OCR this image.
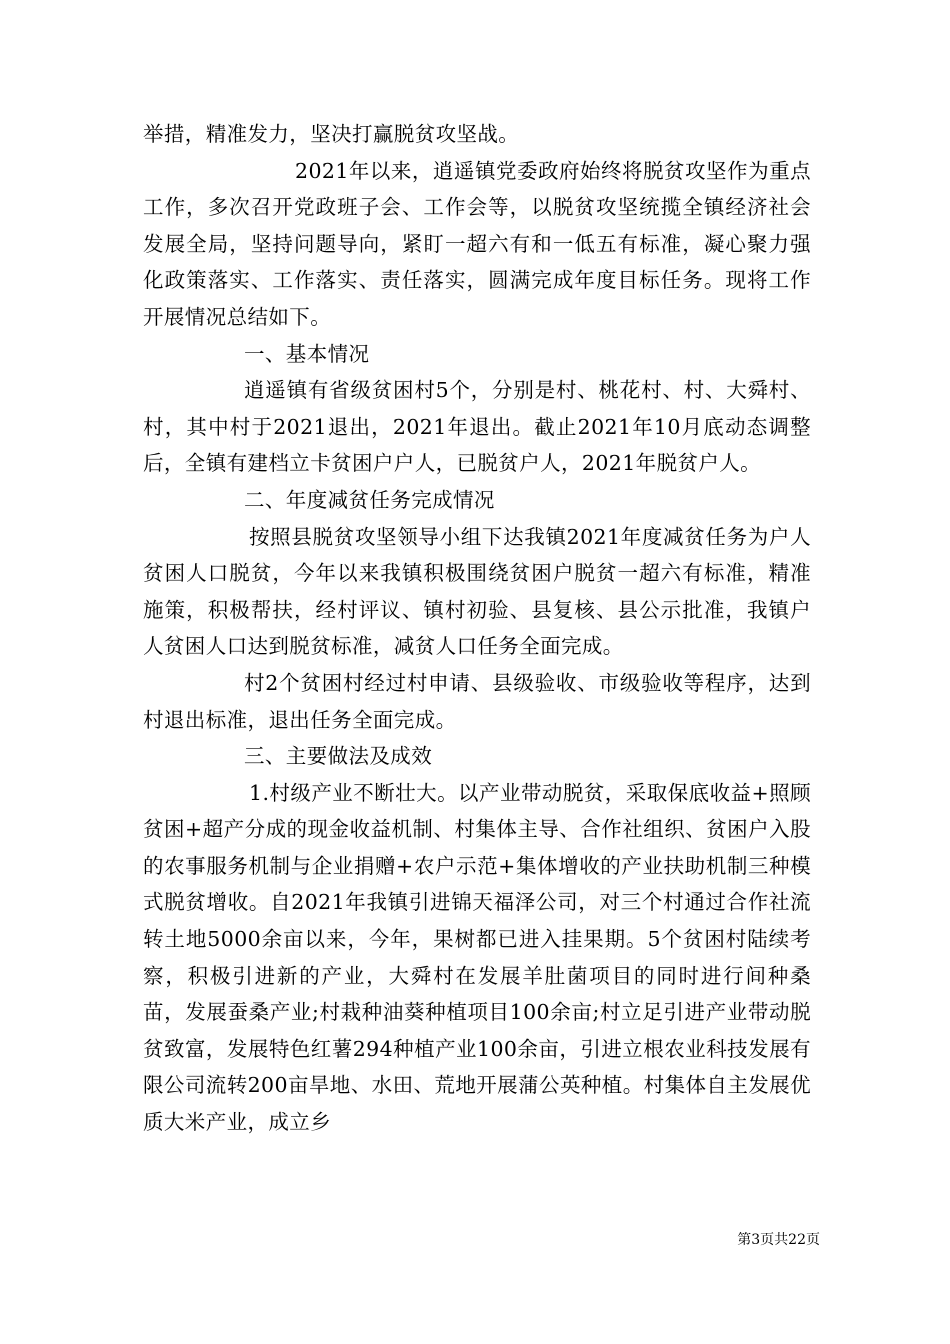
举措，精准发力，坚决打赢脱贫攻坚战。

2021年以来，逍遥镇党委政府始终将脱贫攻坚作为重点工作，多次召开党政班子会、工作会等，以脱贫攻坚统揽全镇经济社会发展全局，坚持问题导向，紧盯一超六有和一低五有标准，凝心聚力强化政策落实、工作落实、责任落实，圆满完成年度目标任务。现将工作开展情况总结如下。

一、基本情况

逍遥镇有省级贫困村5个，分别是村、桃花村、村、大舜村、村，其中村于2021退出，2021年退出。截止2021年10月底动态调整后，全镇有建档立卡贫困户户人，已脱贫户人，2021年脱贫户人。

二、年度减贫任务完成情况

按照县脱贫攻坚领导小组下达我镇2021年度减贫任务为户人贫困人口脱贫，今年以来我镇积极围绕贫困户脱贫一超六有标准，精准施策，积极帮扶，经村评议、镇村初验、县复核、县公示批准，我镇户人贫困人口达到脱贫标准，减贫人口任务全面完成。

村2个贫困村经过村申请、县级验收、市级验收等程序，达到村退出标准，退出任务全面完成。

三、主要做法及成效

1.村级产业不断壮大。以产业带动脱贫，采取保底收益+照顾贫困+超产分成的现金收益机制、村集体主导、合作社组织、贫困户入股的农事服务机制与企业捐赠+农户示范+集体增收的产业扶助机制三种模式脱贫增收。自2021年我镇引进锦天福泽公司，对三个村通过合作社流转土地5000余亩以来，今年，果树都已进入挂果期。5个贫困村陆续考察，积极引进新的产业，大舜村在发展羊肚菌项目的同时进行间种桑苗，发展蚕桑产业;村栽种油葵种植项目100余亩;村立足引进产业带动脱贫致富，发展特色红薯294种植产业100余亩，引进立根农业科技发展有限公司流转200亩旱地、水田、荒地开展蒲公英种植。村集体自主发展优质大米产业，成立乡

第3页共22页
